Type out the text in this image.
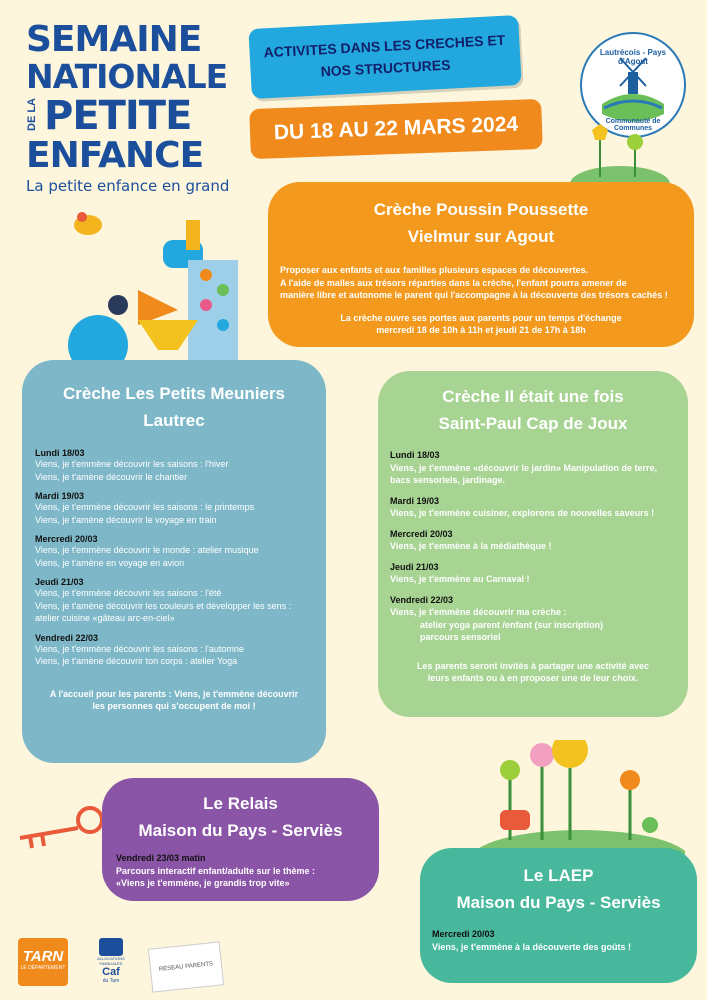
SEMAINE
NATIONALE
DE LA PETITE
ENFANCE
La petite enfance en grand
ACTIVITES DANS LES CRECHES ET
NOS STRUCTURES
DU 18 AU 22 MARS 2024
Lautrécois - Pays d'Agout
Communauté de Communes
Crèche Poussin Poussette
Vielmur sur Agout
Proposer aux enfants et aux familles plusieurs espaces de découvertes.
A l'aide de malles aux trésors réparties dans la crèche, l'enfant pourra amener de
manière libre et autonome le parent qui l'accompagne à la découverte des trésors cachés !
La crèche ouvre ses portes aux parents pour un temps d'échange
mercredi 18 de 10h à 11h et jeudi 21 de 17h à 18h
Crèche Les Petits Meuniers
Lautrec
Lundi 18/03
Viens, je t'emmène découvrir les saisons : l'hiver
Viens, je t'amène découvrir le chantier
Mardi 19/03
Viens, je t'emmène découvrir les saisons : le printemps
Viens, je t'amène découvrir le voyage en train
Mercredi 20/03
Viens, je t'emmène découvrir le monde : atelier musique
Viens, je t'amène en voyage en avion
Jeudi 21/03
Viens, je t'emmène découvrir les saisons : l'été
Viens, je t'amène découvrir les couleurs et développer les sens :
atelier cuisine «gâteau arc-en-ciel»
Vendredi 22/03
Viens, je t'emmène découvrir les saisons : l'automne
Viens, je t'amène découvrir ton corps : atelier Yoga
A l'accueil pour les parents : Viens, je t'emmène découvrir
les personnes qui s'occupent de moi !
Crèche Il était une fois
Saint-Paul Cap de Joux
Lundi 18/03
Viens, je t'emmène «découvrir le jardin» Manipulation de terre,
bacs sensoriels, jardinage.
Mardi 19/03
Viens, je t'emmène cuisiner, explorons de nouvelles saveurs !
Mercredi 20/03
Viens, je t'emmène à la médiathèque !
Jeudi 21/03
Viens, je t'emmène au Carnaval !
Vendredi 22/03
Viens, je t'emmène découvrir ma crèche :
atelier yoga parent /enfant (sur inscription)
parcours sensoriel
Les parents seront invités à partager une activité avec
leurs enfants ou à en proposer une de leur choix.
Le Relais
Maison du Pays - Serviès
Vendredi 23/03 matin
Parcours interactif enfant/adulte sur le thème :
«Viens je t'emmène, je grandis trop vite»	Le LAEP
Maison du Pays - Serviès
Mercredi 20/03
Viens, je t'emmène à la découverte des goûts !
TARN
LE DÉPARTEMENT
ALLOCATIONS FAMILIALES
Caf
du Tarn
RÉSEAU PARENTS
